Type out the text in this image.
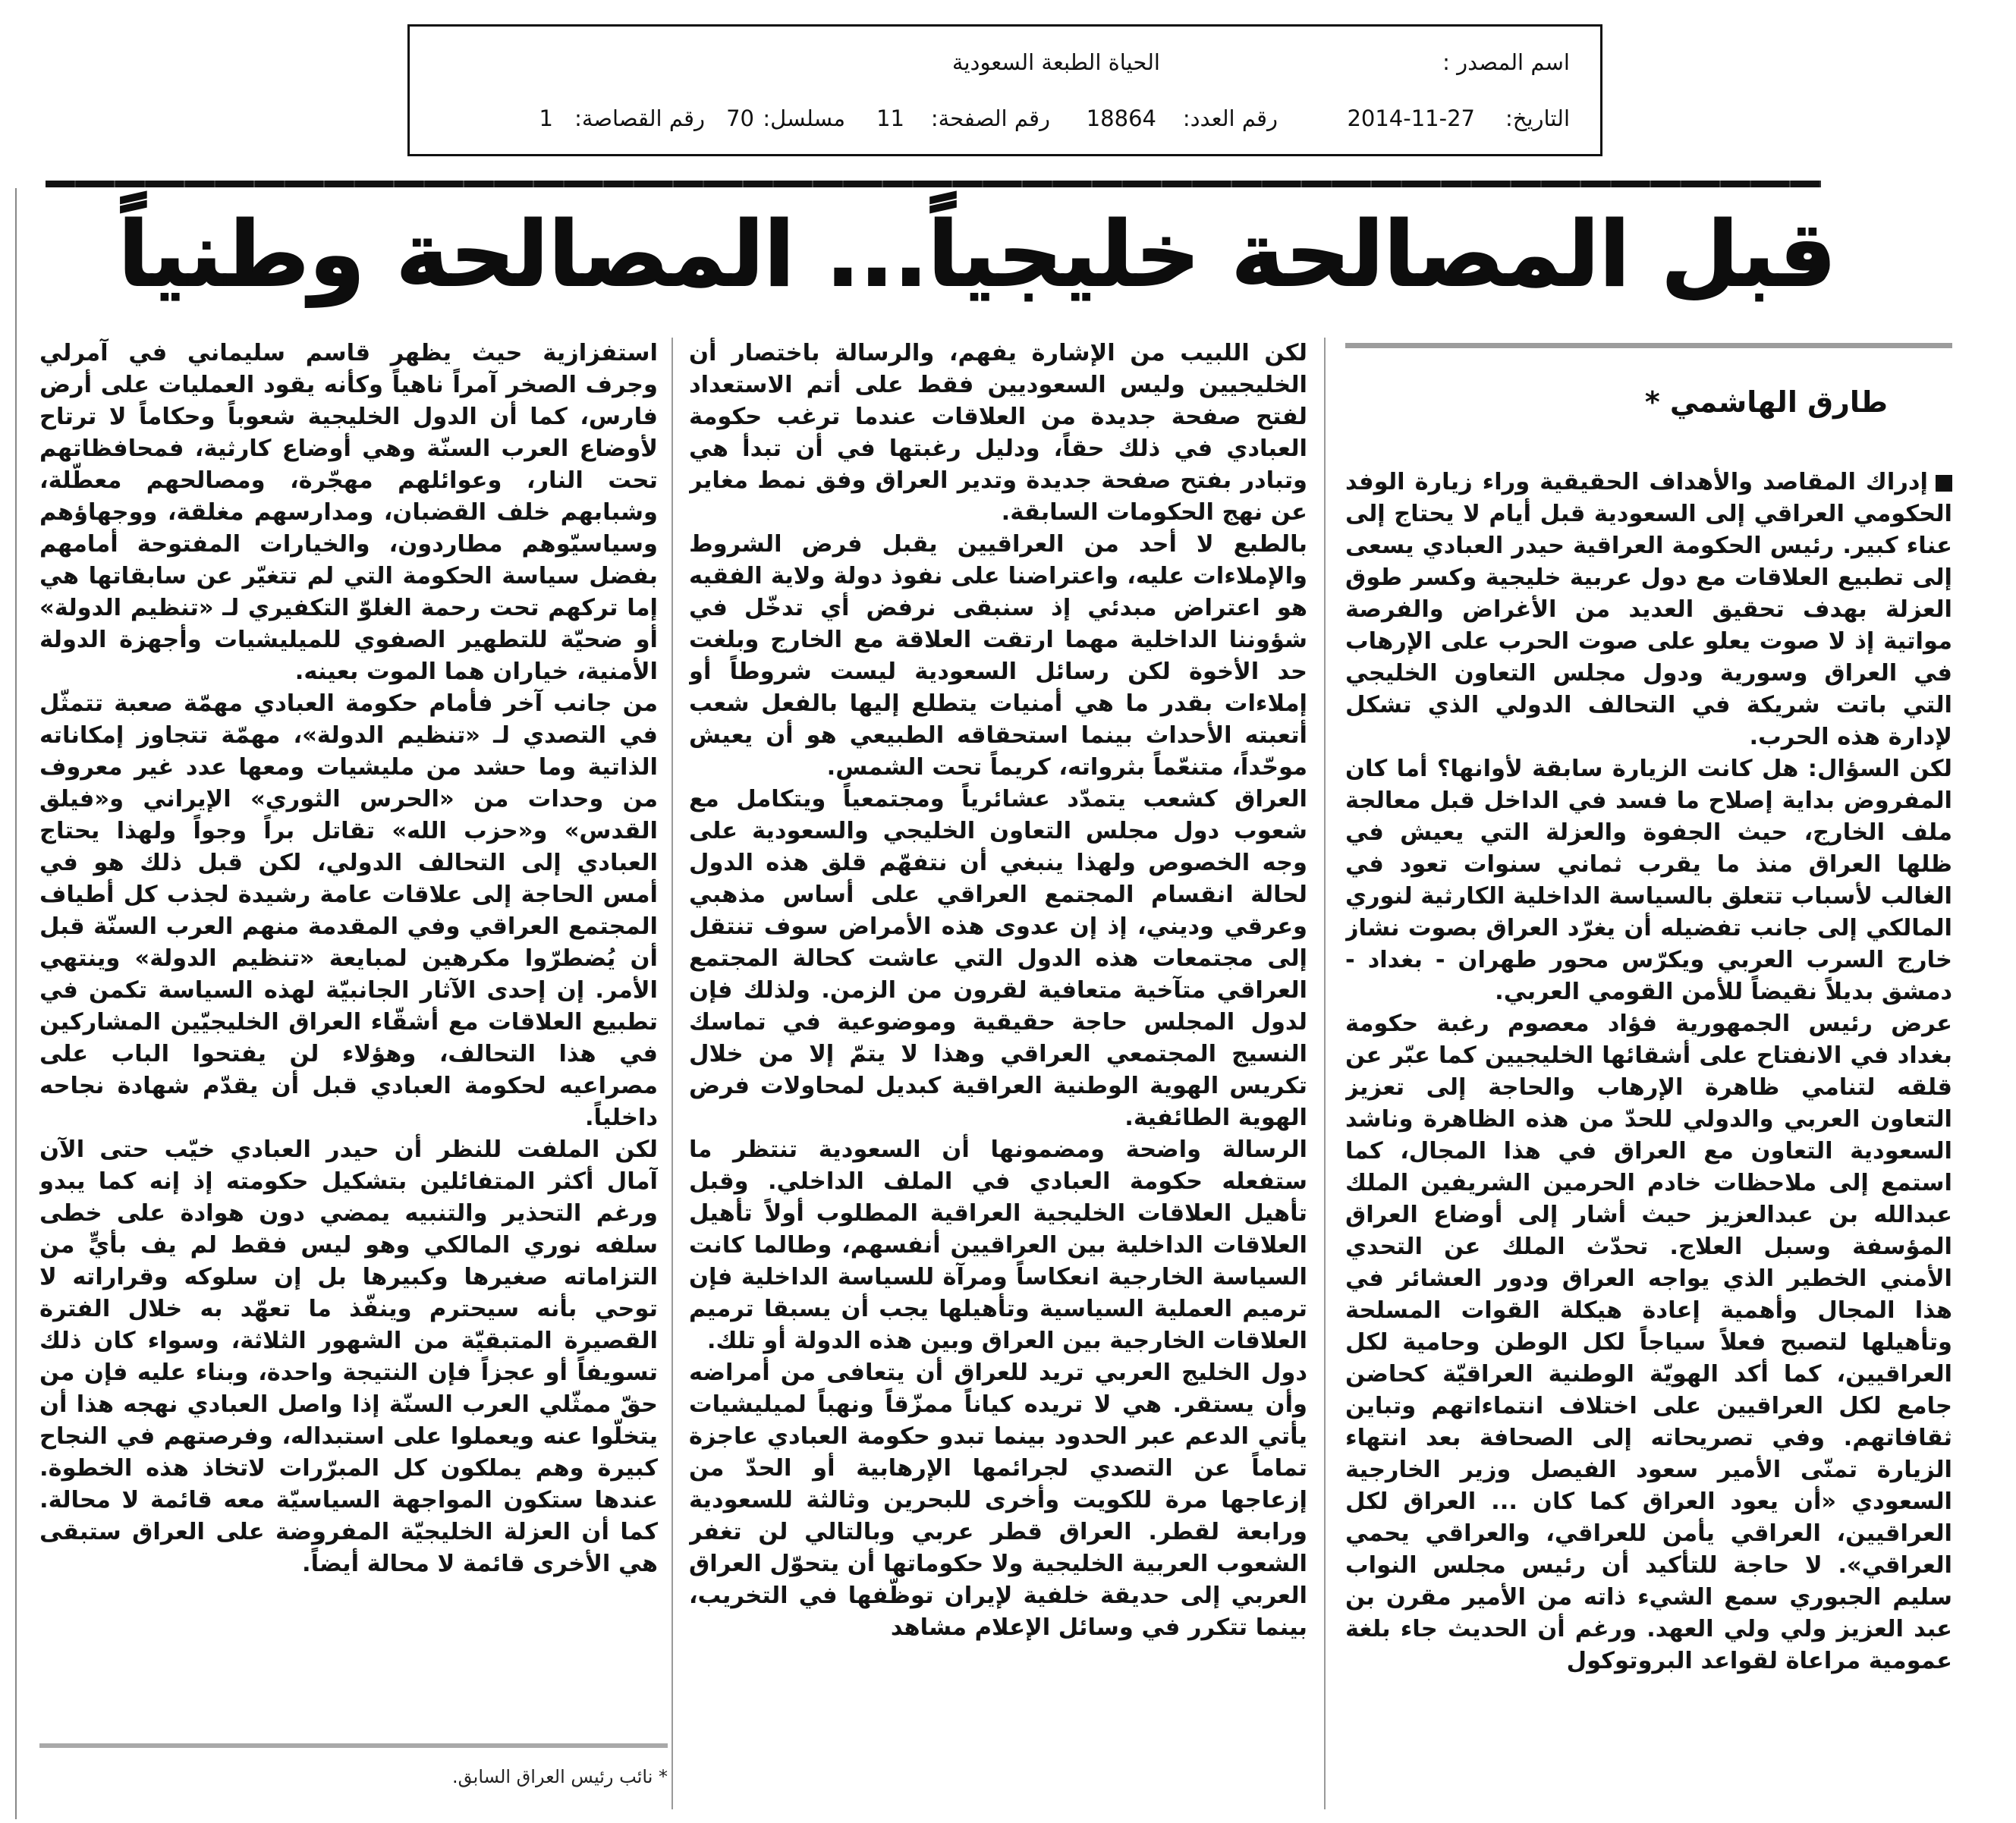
اسم المصدر :
الحياة الطبعة السعودية
التاريخ:
2014-11-27
رقم العدد:
18864
رقم الصفحة:
11
مسلسل:
70
رقم القصاصة:
1
قبل المصالحة خليجياً... المصالحة وطنياً
طارق الهاشمي *

إدراك المقاصد والأهداف الحقيقية وراء زيارة الوفد الحكومي العراقي إلى السعودية قبل أيام لا يحتاج إلى عناء كبير. رئيس الحكومة العراقية حيدر العبادي يسعى إلى تطبيع العلاقات مع دول عربية خليجية وكسر طوق العزلة بهدف تحقيق العديد من الأغراض والفرصة مواتية إذ لا صوت يعلو على صوت الحرب على الإرهاب في العراق وسورية ودول مجلس التعاون الخليجي التي باتت شريكة في التحالف الدولي الذي تشكل لإدارة هذه الحرب.

لكن السؤال: هل كانت الزيارة سابقة لأوانها؟ أما كان المفروض بداية إصلاح ما فسد في الداخل قبل معالجة ملف الخارج، حيث الجفوة والعزلة التي يعيش في ظلها العراق منذ ما يقرب ثماني سنوات تعود في الغالب لأسباب تتعلق بالسياسة الداخلية الكارثية لنوري المالكي إلى جانب تفضيله أن يغرّد العراق بصوت نشاز خارج السرب العربي ويكرّس محور طهران - بغداد - دمشق بديلاً نقيضاً للأمن القومي العربي.

عرض رئيس الجمهورية فؤاد معصوم رغبة حكومة بغداد في الانفتاح على أشقائها الخليجيين كما عبّر عن قلقه لتنامي ظاهرة الإرهاب والحاجة إلى تعزيز التعاون العربي والدولي للحدّ من هذه الظاهرة وناشد السعودية التعاون مع العراق في هذا المجال، كما استمع إلى ملاحظات خادم الحرمين الشريفين الملك عبدالله بن عبدالعزيز حيث أشار إلى أوضاع العراق المؤسفة وسبل العلاج. تحدّث الملك عن التحدي الأمني الخطير الذي يواجه العراق ودور العشائر في هذا المجال وأهمية إعادة هيكلة القوات المسلحة وتأهيلها لتصبح فعلاً سياجاً لكل الوطن وحامية لكل العراقيين، كما أكد الهويّة الوطنية العراقيّة كحاضن جامع لكل العراقيين على اختلاف انتماءاتهم وتباين ثقافاتهم. وفي تصريحاته إلى الصحافة بعد انتهاء الزيارة تمنّى الأمير سعود الفيصل وزير الخارجية السعودي «أن يعود العراق كما كان ... العراق لكل العراقيين، العراقي يأمن للعراقي، والعراقي يحمي العراقي». لا حاجة للتأكيد أن رئيس مجلس النواب سليم الجبوري سمع الشيء ذاته من الأمير مقرن بن عبد العزيز ولي ولي العهد. ورغم أن الحديث جاء بلغة عمومية مراعاة لقواعد البروتوكول

لكن اللبيب من الإشارة يفهم، والرسالة باختصار أن الخليجيين وليس السعوديين فقط على أتم الاستعداد لفتح صفحة جديدة من العلاقات عندما ترغب حكومة العبادي في ذلك حقاً، ودليل رغبتها في أن تبدأ هي وتبادر بفتح صفحة جديدة وتدير العراق وفق نمط مغاير عن نهج الحكومات السابقة.

بالطبع لا أحد من العراقيين يقبل فرض الشروط والإملاءات عليه، واعتراضنا على نفوذ دولة ولاية الفقيه هو اعتراض مبدئي إذ سنبقى نرفض أي تدخّل في شؤوننا الداخلية مهما ارتقت العلاقة مع الخارج وبلغت حد الأخوة لكن رسائل السعودية ليست شروطاً أو إملاءات بقدر ما هي أمنيات يتطلع إليها بالفعل شعب أتعبته الأحداث بينما استحقاقه الطبيعي هو أن يعيش موحّداً، متنعّماً بثرواته، كريماً تحت الشمس.

العراق كشعب يتمدّد عشائرياً ومجتمعياً ويتكامل مع شعوب دول مجلس التعاون الخليجي والسعودية على وجه الخصوص ولهذا ينبغي أن نتفهّم قلق هذه الدول لحالة انقسام المجتمع العراقي على أساس مذهبي وعرقي وديني، إذ إن عدوى هذه الأمراض سوف تنتقل إلى مجتمعات هذه الدول التي عاشت كحالة المجتمع العراقي متآخية متعافية لقرون من الزمن. ولذلك فإن لدول المجلس حاجة حقيقية وموضوعية في تماسك النسيج المجتمعي العراقي وهذا لا يتمّ إلا من خلال تكريس الهوية الوطنية العراقية كبديل لمحاولات فرض الهوية الطائفية.

الرسالة واضحة ومضمونها أن السعودية تنتظر ما ستفعله حكومة العبادي في الملف الداخلي. وقبل تأهيل العلاقات الخليجية العراقية المطلوب أولاً تأهيل العلاقات الداخلية بين العراقيين أنفسهم، وطالما كانت السياسة الخارجية انعكاساً ومرآة للسياسة الداخلية فإن ترميم العملية السياسية وتأهيلها يجب أن يسبقا ترميم العلاقات الخارجية بين العراق وبين هذه الدولة أو تلك.

دول الخليج العربي تريد للعراق أن يتعافى من أمراضه وأن يستقر. هي لا تريده كياناً ممزّقاً ونهباً لميليشيات يأتي الدعم عبر الحدود بينما تبدو حكومة العبادي عاجزة تماماً عن التصدي لجرائمها الإرهابية أو الحدّ من إزعاجها مرة للكويت وأخرى للبحرين وثالثة للسعودية ورابعة لقطر. العراق قطر عربي وبالتالي لن تغفر الشعوب العربية الخليجية ولا حكوماتها أن يتحوّل العراق العربي إلى حديقة خلفية لإيران توظّفها في التخريب، بينما تتكرر في وسائل الإعلام مشاهد

استفزازية حيث يظهر قاسم سليماني في آمرلي وجرف الصخر آمراً ناهياً وكأنه يقود العمليات على أرض فارس، كما أن الدول الخليجية شعوباً وحكاماً لا ترتاح لأوضاع العرب السنّة وهي أوضاع كارثية، فمحافظاتهم تحت النار، وعوائلهم مهجّرة، ومصالحهم معطّلة، وشبابهم خلف القضبان، ومدارسهم مغلقة، ووجهاؤهم وسياسيّوهم مطاردون، والخيارات المفتوحة أمامهم بفضل سياسة الحكومة التي لم تتغيّر عن سابقاتها هي إما تركهم تحت رحمة الغلوّ التكفيري لـ «تنظيم الدولة» أو ضحيّة للتطهير الصفوي للميليشيات وأجهزة الدولة الأمنية، خياران هما الموت بعينه.

من جانب آخر فأمام حكومة العبادي مهمّة صعبة تتمثّل في التصدي لـ «تنظيم الدولة»، مهمّة تتجاوز إمكاناته الذاتية وما حشد من مليشيات ومعها عدد غير معروف من وحدات من «الحرس الثوري» الإيراني و«فيلق القدس» و«حزب الله» تقاتل براً وجواً ولهذا يحتاج العبادي إلى التحالف الدولي، لكن قبل ذلك هو في أمس الحاجة إلى علاقات عامة رشيدة لجذب كل أطياف المجتمع العراقي وفي المقدمة منهم العرب السنّة قبل أن يُضطرّوا مكرهين لمبايعة «تنظيم الدولة» وينتهي الأمر. إن إحدى الآثار الجانبيّة لهذه السياسة تكمن في تطبيع العلاقات مع أشقّاء العراق الخليجيّين المشاركين في هذا التحالف، وهؤلاء لن يفتحوا الباب على مصراعيه لحكومة العبادي قبل أن يقدّم شهادة نجاحه داخلياً.

لكن الملفت للنظر أن حيدر العبادي خيّب حتى الآن آمال أكثر المتفائلين بتشكيل حكومته إذ إنه كما يبدو ورغم التحذير والتنبيه يمضي دون هوادة على خطى سلفه نوري المالكي وهو ليس فقط لم يف بأيٍّ من التزاماته صغيرها وكبيرها بل إن سلوكه وقراراته لا توحي بأنه سيحترم وينفّذ ما تعهّد به خلال الفترة القصيرة المتبقيّة من الشهور الثلاثة، وسواء كان ذلك تسويفاً أو عجزاً فإن النتيجة واحدة، وبناء عليه فإن من حقّ ممثّلي العرب السنّة إذا واصل العبادي نهجه هذا أن يتخلّوا عنه ويعملوا على استبداله، وفرصتهم في النجاح كبيرة وهم يملكون كل المبرّرات لاتخاذ هذه الخطوة. عندها ستكون المواجهة السياسيّة معه قائمة لا محالة. كما أن العزلة الخليجيّة المفروضة على العراق ستبقى هي الأخرى قائمة لا محالة أيضاً.

* نائب رئيس العراق السابق.
